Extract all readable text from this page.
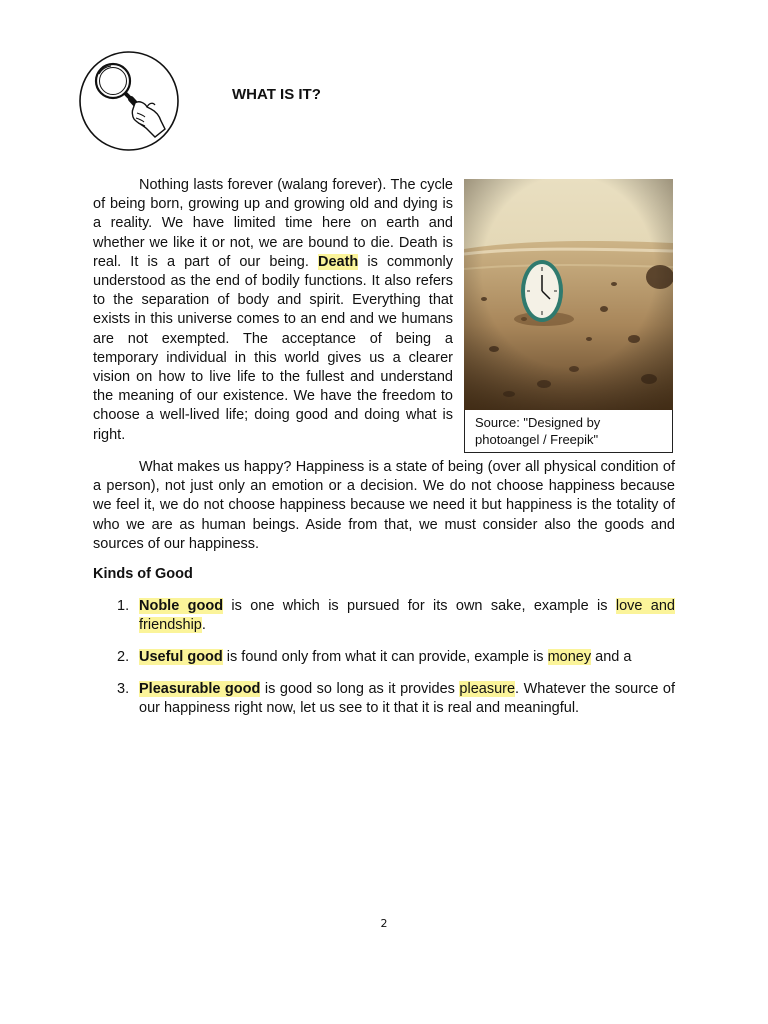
WHAT IS IT?

Nothing lasts forever (walang forever). The cycle of being born, growing up and growing old and dying is a reality. We have limited time here on earth and whether we like it or not, we are bound to die. Death is real. It is a part of our being. Death is commonly understood as the end of bodily functions. It also refers to the separation of body and spirit. Everything that exists in this universe comes to an end and we humans are not exempted. The acceptance of being a temporary individual in this world gives us a clearer vision on how to live life to the fullest and understand the meaning of our existence. We have the freedom to choose a well-lived life; doing good and doing what is right.

Source: "Designed by photoangel / Freepik"

What makes us happy? Happiness is a state of being (over all physical condition of a person), not just only an emotion or a decision. We do not choose happiness because we feel it, we do not choose happiness because we need it but happiness is the totality of who we are as human beings. Aside from that, we must consider also the goods and sources of our happiness.

Kinds of Good
1. Noble good is one which is pursued for its own sake, example is love and friendship.
2. Useful good is found only from what it can provide, example is money and a
3. Pleasurable good is good so long as it provides pleasure. Whatever the source of our happiness right now, let us see to it that it is real and meaningful.
2
